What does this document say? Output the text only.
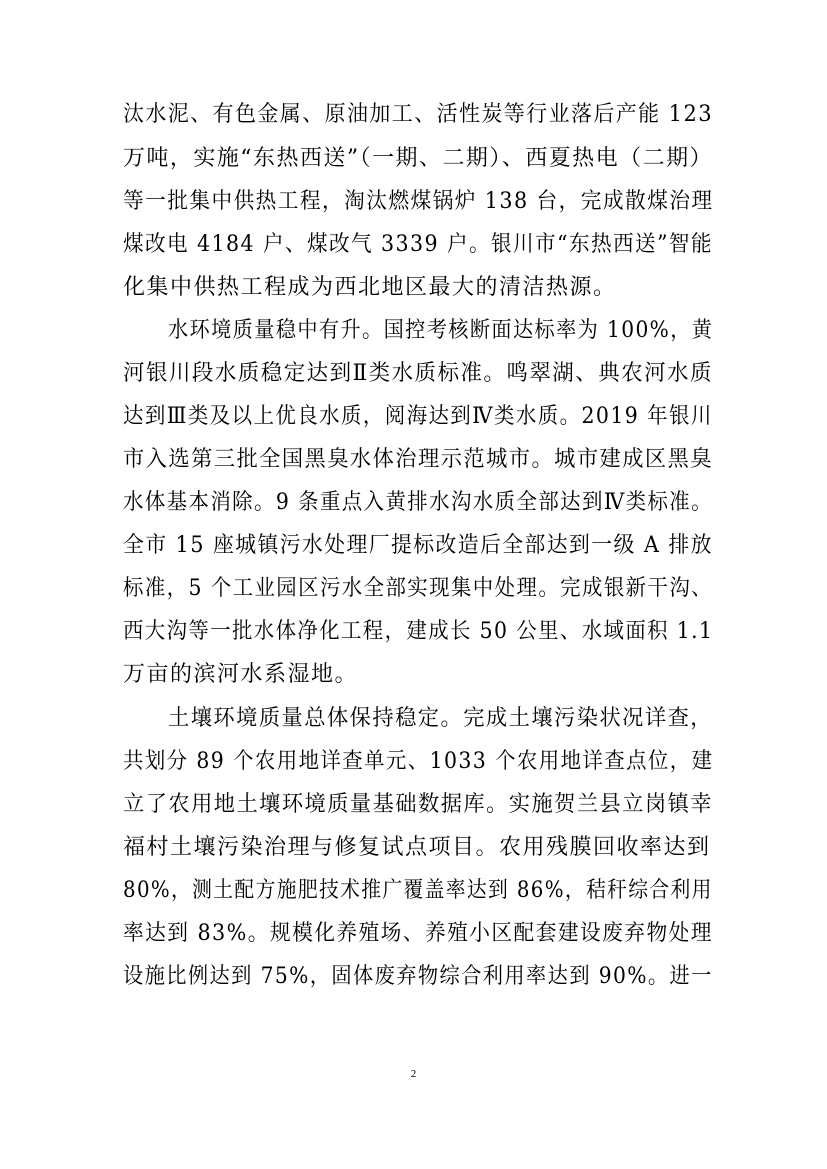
汰水泥、有色金属、原油加工、活性炭等行业落后产能 123
万吨，实施“东热西送”（一期、二期）、西夏热电（二期）
等一批集中供热工程，淘汰燃煤锅炉 138 台，完成散煤治理
煤改电 4184 户、煤改气 3339 户。银川市“东热西送”智能
化集中供热工程成为西北地区最大的清洁热源。
水环境质量稳中有升。国控考核断面达标率为 100%，黄
河银川段水质稳定达到Ⅱ类水质标准。鸣翠湖、典农河水质
达到Ⅲ类及以上优良水质，阅海达到Ⅳ类水质。2019 年银川
市入选第三批全国黑臭水体治理示范城市。城市建成区黑臭
水体基本消除。9 条重点入黄排水沟水质全部达到Ⅳ类标准。
全市 15 座城镇污水处理厂提标改造后全部达到一级 A 排放
标准，5 个工业园区污水全部实现集中处理。完成银新干沟、
西大沟等一批水体净化工程，建成长 50 公里、水域面积 1.1
万亩的滨河水系湿地。
土壤环境质量总体保持稳定。完成土壤污染状况详查，
共划分 89 个农用地详查单元、1033 个农用地详查点位，建
立了农用地土壤环境质量基础数据库。实施贺兰县立岗镇幸
福村土壤污染治理与修复试点项目。农用残膜回收率达到
80%，测土配方施肥技术推广覆盖率达到 86%，秸秆综合利用
率达到 83%。规模化养殖场、养殖小区配套建设废弃物处理
设施比例达到 75%，固体废弃物综合利用率达到 90%。进一
2
